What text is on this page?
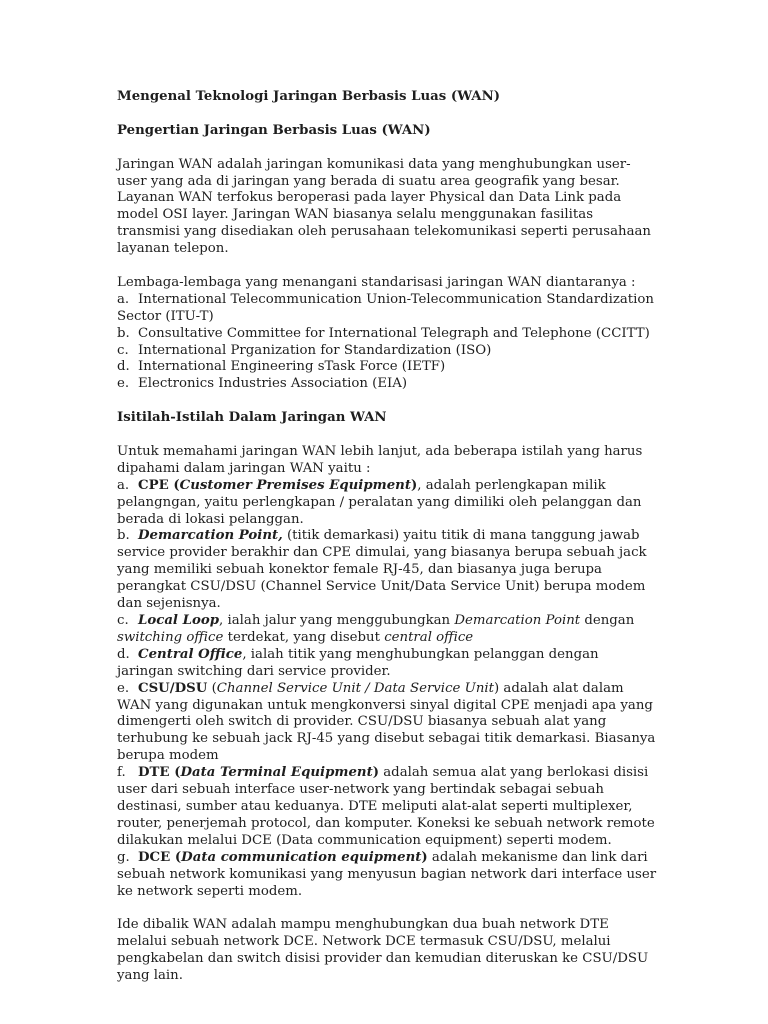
Mengenal Teknologi Jaringan Berbasis Luas (WAN)

Pengertian Jaringan Berbasis Luas (WAN)

Jaringan WAN adalah jaringan komunikasi data yang menghubungkan user-user yang ada di jaringan yang berada di suatu area geografik yang besar. Layanan WAN terfokus beroperasi pada layer Physical dan Data Link pada model OSI layer. Jaringan WAN biasanya selalu menggunakan fasilitas transmisi yang disediakan oleh perusahaan telekomunikasi seperti perusahaan layanan telepon.

Lembaga-lembaga yang menangani standarisasi jaringan WAN diantaranya :

a. International Telecommunication Union-Telecommunication Standardization Sector (ITU-T)
b. Consultative Committee for International Telegraph and Telephone (CCITT)
c. International Prganization for Standardization (ISO)
d. International Engineering sTask Force (IETF)
e. Electronics Industries Association (EIA)

Isitilah-Istilah Dalam Jaringan WAN

Untuk memahami jaringan WAN lebih lanjut, ada beberapa istilah yang harus dipahami dalam jaringan WAN yaitu :

a. CPE (Customer Premises Equipment), adalah perlengkapan milik pelangngan, yaitu perlengkapan / peralatan yang dimiliki oleh pelanggan dan berada di lokasi pelanggan.
b. Demarcation Point, (titik demarkasi) yaitu titik di mana tanggung jawab service provider berakhir dan CPE dimulai, yang biasanya berupa sebuah jack yang memiliki sebuah konektor female RJ-45, dan biasanya juga berupa perangkat CSU/DSU (Channel Service Unit/Data Service Unit) berupa modem dan sejenisnya.
c. Local Loop, ialah jalur yang menggubungkan Demarcation Point dengan switching office terdekat, yang disebut central office
d. Central Office, ialah titik yang menghubungkan pelanggan dengan jaringan switching dari service provider.
e. CSU/DSU (Channel Service Unit / Data Service Unit) adalah alat dalam WAN yang digunakan untuk mengkonversi sinyal digital CPE menjadi apa yang dimengerti oleh switch di provider. CSU/DSU biasanya sebuah alat yang terhubung ke sebuah jack RJ-45 yang disebut sebagai titik demarkasi. Biasanya berupa modem
f. DTE (Data Terminal Equipment) adalah semua alat yang berlokasi disisi user dari sebuah interface user-network yang bertindak sebagai sebuah destinasi, sumber atau keduanya. DTE meliputi alat-alat seperti multiplexer, router, penerjemah protocol, dan komputer. Koneksi ke sebuah network remote dilakukan melalui DCE (Data communication equipment) seperti modem.
g. DCE (Data communication equipment) adalah mekanisme dan link dari sebuah network komunikasi yang menyusun bagian network dari interface user ke network seperti modem.

Ide dibalik WAN adalah mampu menghubungkan dua buah network DTE melalui sebuah network DCE. Network DCE termasuk CSU/DSU, melalui pengkabelan dan switch disisi provider dan kemudian diteruskan ke CSU/DSU yang lain.
